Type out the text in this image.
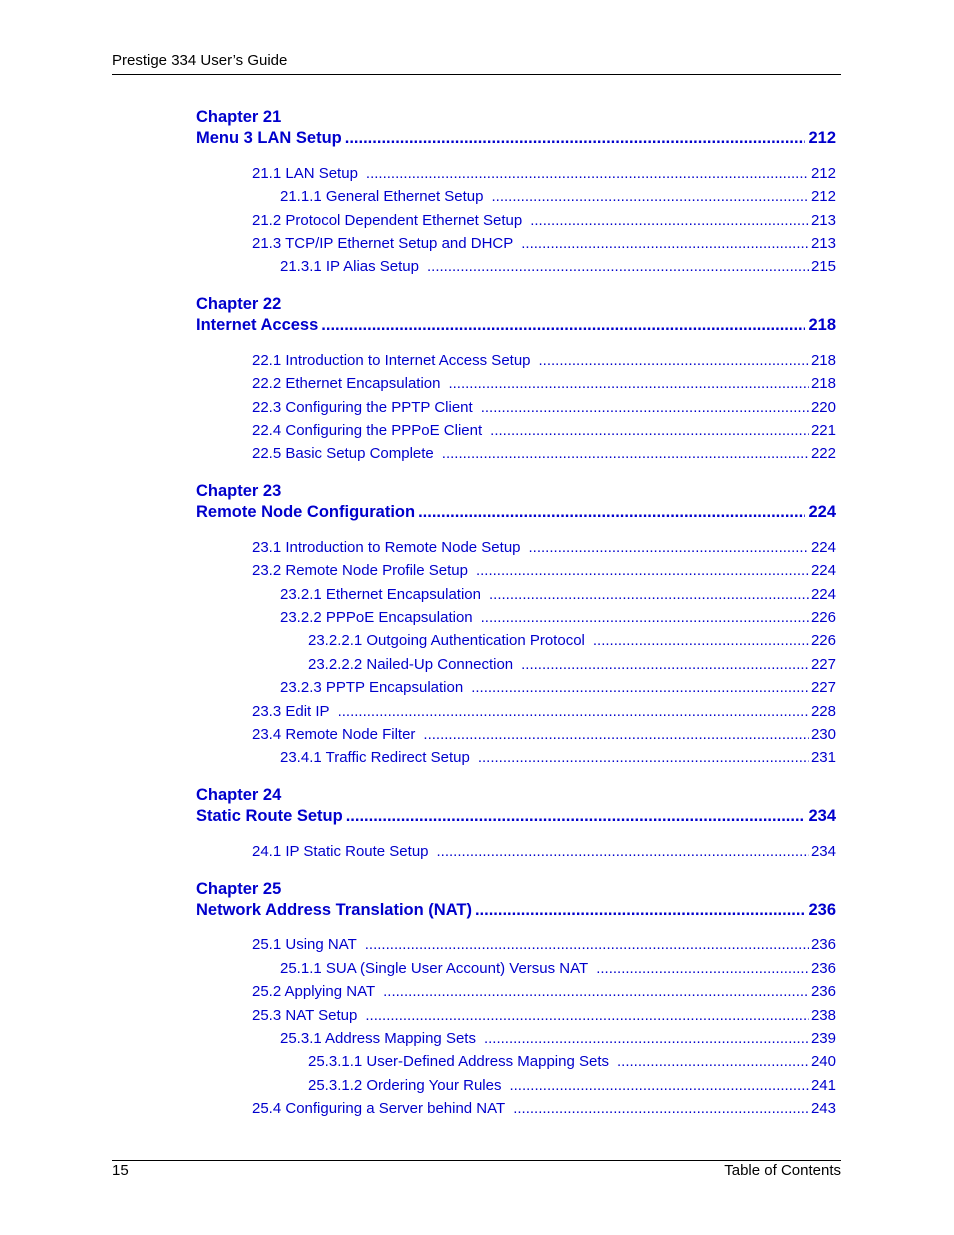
Prestige 334 User’s Guide
Chapter 21
Menu 3 LAN Setup .....	212
21.1 LAN Setup .....	212
21.1.1 General Ethernet Setup .....	212
21.2 Protocol Dependent Ethernet Setup .....	213
21.3 TCP/IP Ethernet Setup and DHCP .....	213
21.3.1 IP Alias Setup .....	215
Chapter 22
Internet Access .....	218
22.1 Introduction to Internet Access Setup .....	218
22.2 Ethernet Encapsulation .....	218
22.3 Configuring the PPTP Client .....	220
22.4 Configuring the PPPoE Client .....	221
22.5 Basic Setup Complete .....	222
Chapter 23
Remote Node Configuration .....	224
23.1 Introduction to Remote Node Setup .....	224
23.2 Remote Node Profile Setup .....	224
23.2.1 Ethernet Encapsulation .....	224
23.2.2 PPPoE Encapsulation .....	226
23.2.2.1 Outgoing Authentication Protocol .....	226
23.2.2.2 Nailed-Up Connection .....	227
23.2.3 PPTP Encapsulation .....	227
23.3 Edit IP .....	228
23.4 Remote Node Filter .....	230
23.4.1 Traffic Redirect Setup .....	231
Chapter 24
Static Route Setup .....	234
24.1 IP Static Route Setup .....	234
Chapter 25
Network Address Translation (NAT) .....	236
25.1 Using NAT .....	236
25.1.1 SUA (Single User Account) Versus NAT .....	236
25.2 Applying NAT .....	236
25.3 NAT Setup .....	238
25.3.1 Address Mapping Sets .....	239
25.3.1.1 User-Defined Address Mapping Sets .....	240
25.3.1.2 Ordering Your Rules .....	241
25.4 Configuring a Server behind NAT .....	243
15	Table of Contents
